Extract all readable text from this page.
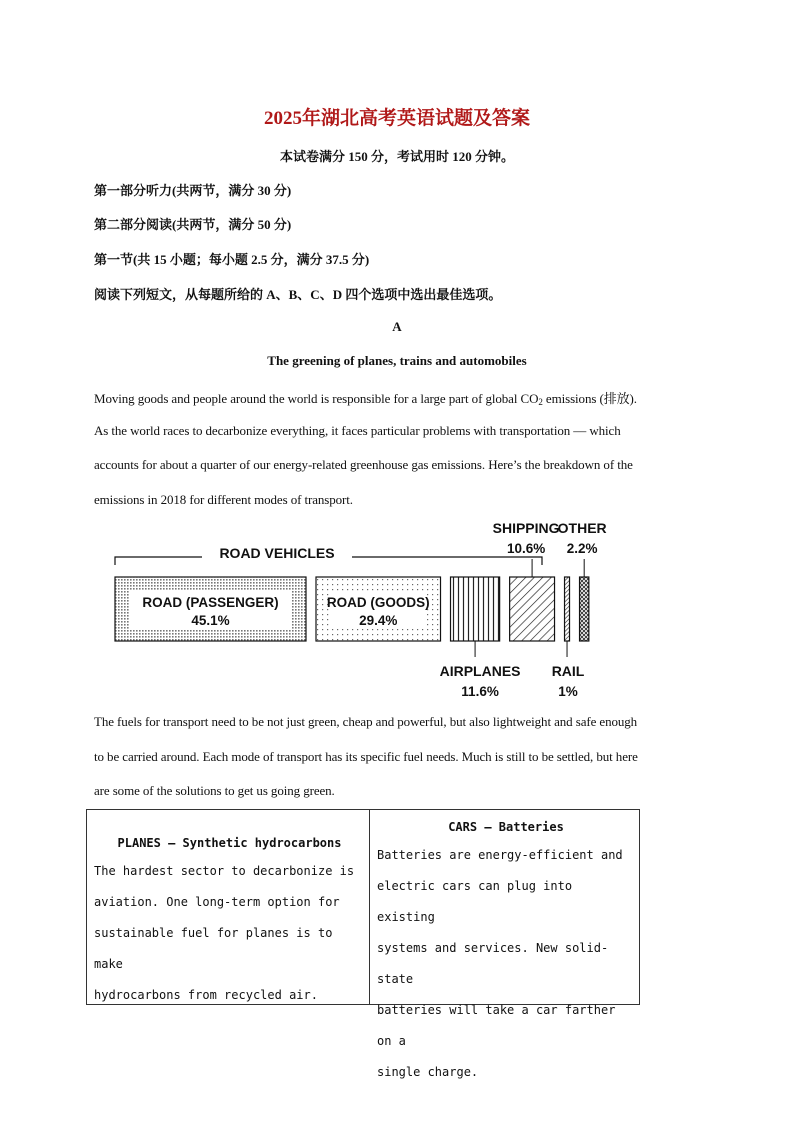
2025年湖北高考英语试题及答案
本试卷满分 150 分，考试用时 120 分钟。
第一部分听力(共两节，满分 30 分)
第二部分阅读(共两节，满分 50 分)
第一节(共 15 小题；每小题 2.5 分，满分 37.5 分)
阅读下列短文，从每题所给的 A、B、C、D 四个选项中选出最佳选项。
A
The greening of planes, trains and automobiles
Moving goods and people around the world is responsible for a large part of global $CO_2$ emissions (排放).
As the world races to decarbonize everything, it faces particular problems with transportation — which
accounts for about a quarter of our energy-related greenhouse gas emissions. Here’s the breakdown of the
emissions in 2018 for different modes of transport.
ROAD VEHICLES
ROAD (PASSENGER)
45.1%
ROAD (GOODS)
29.4%
SHIPPING
10.6%
OTHER
2.2%
AIRPLANES
11.6%
RAIL
1%
The fuels for transport need to be not just green, cheap and powerful, but also lightweight and safe enough
to be carried around. Each mode of transport has its specific fuel needs. Much is still to be settled, but here
are some of the solutions to get us going green.
PLANES — Synthetic hydrocarbons
The hardest sector to decarbonize is
aviation. One long-term option for
sustainable fuel for planes is to make
hydrocarbons from recycled air.
CARS — Batteries
Batteries are energy-efficient and
electric cars can plug into existing
systems and services. New solid-state
batteries will take a car farther on a
single charge.
